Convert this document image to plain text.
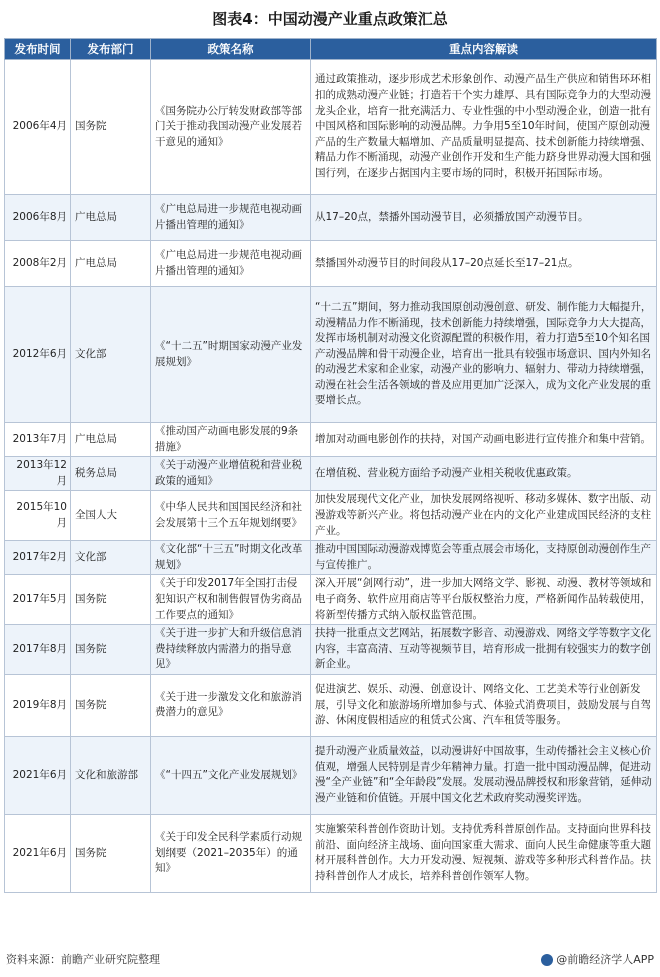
图表4：中国动漫产业重点政策汇总
发布时间	发布部门	政策名称	重点内容解读
2006年4月	国务院	《国务院办公厅转发财政部等部门关于推动我国动漫产业发展若干意见的通知》	通过政策推动，逐步形成艺术形象创作、动漫产品生产供应和销售环环相扣的成熟动漫产业链；打造若干个实力雄厚、具有国际竞争力的大型动漫龙头企业，培育一批充满活力、专业性强的中小型动漫企业，创造一批有中国风格和国际影响的动漫品牌。力争用5至10年时间，使国产原创动漫产品的生产数量大幅增加、产品质量明显提高、技术创新能力持续增强、精品力作不断涌现，动漫产业创作开发和生产能力跻身世界动漫大国和强国行列，在逐步占据国内主要市场的同时，积极开拓国际市场。
2006年8月	广电总局	《广电总局进一步规范电视动画片播出管理的通知》	从17–20点，禁播外国动漫节目，必须播放国产动漫节目。
2008年2月	广电总局	《广电总局进一步规范电视动画片播出管理的通知》	禁播国外动漫节目的时间段从17–20点延长至17–21点。
2012年6月	文化部	《“十二五”时期国家动漫产业发展规划》	“十二五”期间，努力推动我国原创动漫创意、研发、制作能力大幅提升，动漫精品力作不断涌现，技术创新能力持续增强，国际竞争力大大提高，发挥市场机制对动漫文化资源配置的积极作用，着力打造5至10个知名国产动漫品牌和骨干动漫企业，培育出一批具有较强市场意识、国内外知名的动漫艺术家和企业家，动漫产业的影响力、辐射力、带动力持续增强，动漫在社会生活各领域的普及应用更加广泛深入，成为文化产业发展的重要增长点。
2013年7月	广电总局	《推动国产动画电影发展的9条措施》	增加对动画电影创作的扶持，对国产动画电影进行宣传推介和集中营销。
2013年12月	税务总局	《关于动漫产业增值税和营业税政策的通知》	在增值税、营业税方面给予动漫产业相关税收优惠政策。
2015年10月	全国人大	《中华人民共和国国民经济和社会发展第十三个五年规划纲要》	加快发展现代文化产业，加快发展网络视听、移动多媒体、数字出版、动漫游戏等新兴产业。将包括动漫产业在内的文化产业建成国民经济的支柱产业。
2017年2月	文化部	《文化部“十三五”时期文化改革规划》	推动中国国际动漫游戏博览会等重点展会市场化，支持原创动漫创作生产与宣传推广。
2017年5月	国务院	《关于印发2017年全国打击侵犯知识产权和制售假冒伪劣商品工作要点的通知》	深入开展“剑网行动”，进一步加大网络文学、影视、动漫、教材等领域和电子商务、软件应用商店等平台版权整治力度，严格新闻作品转载使用，将新型传播方式纳入版权监管范围。
2017年8月	国务院	《关于进一步扩大和升级信息消费持续释放内需潜力的指导意见》	扶持一批重点文艺网站，拓展数字影音、动漫游戏、网络文学等数字文化内容，丰富高清、互动等视频节目，培育形成一批拥有较强实力的数字创新企业。
2019年8月	国务院	《关于进一步激发文化和旅游消费潜力的意见》	促进演艺、娱乐、动漫、创意设计、网络文化、工艺美术等行业创新发展，引导文化和旅游场所增加参与式、体验式消费项目，鼓励发展与自驾游、休闲度假相适应的租赁式公寓、汽车租赁等服务。
2021年6月	文化和旅游部	《“十四五”文化产业发展规划》	提升动漫产业质量效益，以动漫讲好中国故事，生动传播社会主义核心价值观，增强人民特别是青少年精神力量。打造一批中国动漫品牌，促进动漫“全产业链”和“全年龄段”发展。发展动漫品牌授权和形象营销，延伸动漫产业链和价值链。开展中国文化艺术政府奖动漫奖评选。
2021年6月	国务院	《关于印发全民科学素质行动规划纲要（2021–2035年）的通知》	实施繁荣科普创作资助计划。支持优秀科普原创作品。支持面向世界科技前沿、面向经济主战场、面向国家重大需求、面向人民生命健康等重大题材开展科普创作。大力开发动漫、短视频、游戏等多种形式科普作品。扶持科普创作人才成长，培养科普创作领军人物。
资料来源：前瞻产业研究院整理	@前瞻经济学人APP
